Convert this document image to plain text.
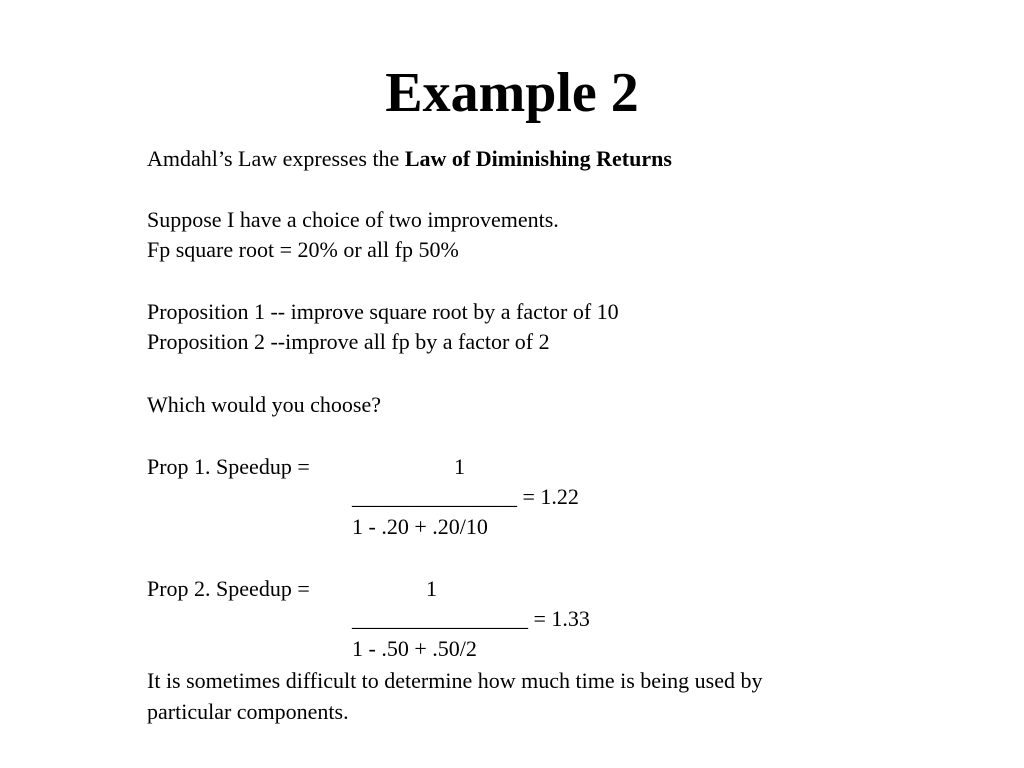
Example 2
Amdahl’s Law expresses the Law of Diminishing Returns
Suppose I have a choice of two improvements.
Fp square root = 20% or all fp 50%
Proposition 1 -- improve square root by a factor of 10
Proposition 2 --improve all fp by a factor of 2
Which would you choose?
Prop 1. Speedup =	1
_______________ = 1.22
1 - .20 + .20/10
Prop 2. Speedup =	1
________________ = 1.33
1 - .50 + .50/2
It is sometimes difficult to determine how much time is being used by
particular components.
